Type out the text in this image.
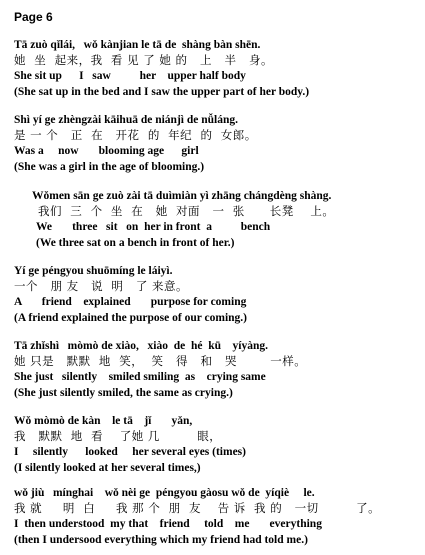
Page 6
Tā zuò qǐlái,   wǒ kànjian le tā de  shàng bàn shēn.
她  坐  起来，我  看 见 了 她 的   上   半   身。
She sit up      I   saw          her    upper half body
(She sat up in the bed and I saw the upper part of her body.)
Shì yí ge zhèngzài kāihuā de niánjì de nǚláng.
是 一 个   正  在   开花  的  年纪  的  女郎。
Was a     now       blooming age      girl
(She was a girl in the age of blooming.)
Wǒmen sān ge zuò zài tā duìmiàn yì zhāng chángdèng shàng.
我们  三  个  坐  在   她  对面   一  张      长凳    上。
We       three   sit   on  her in front  a          bench
(We three sat on a bench in front of her.)
Yí ge péngyou shuōmíng le láiyì.
一个   朋 友   说  明   了 来意。
A       friend    explained       purpose for coming
(A friend explained the purpose of our coming.)
Tā zhǐshì   mòmò de xiào,   xiào  de  hé  kū    yíyàng.
她 只是   默默  地  笑，  笑   得   和   哭        一样。
She just   silently    smiled smiling  as    crying same
(She just silently smiled, the same as crying.)
Wǒ mòmò de kàn    le tā    jǐ       yǎn,
我   默默  地  看    了她 几         眼，
I     silently      looked     her several eyes (times)
(I silently looked at her several times,)
wǒ jiù   mínghai    wǒ nèi ge  péngyou gàosu wǒ de  yíqiè     le.
我 就     明  白     我 那 个  朋  友    告 诉  我 的   一切         了。
I  then understood  my that    friend     told    me       everything
(then I undersood everything which my friend had told me.)
